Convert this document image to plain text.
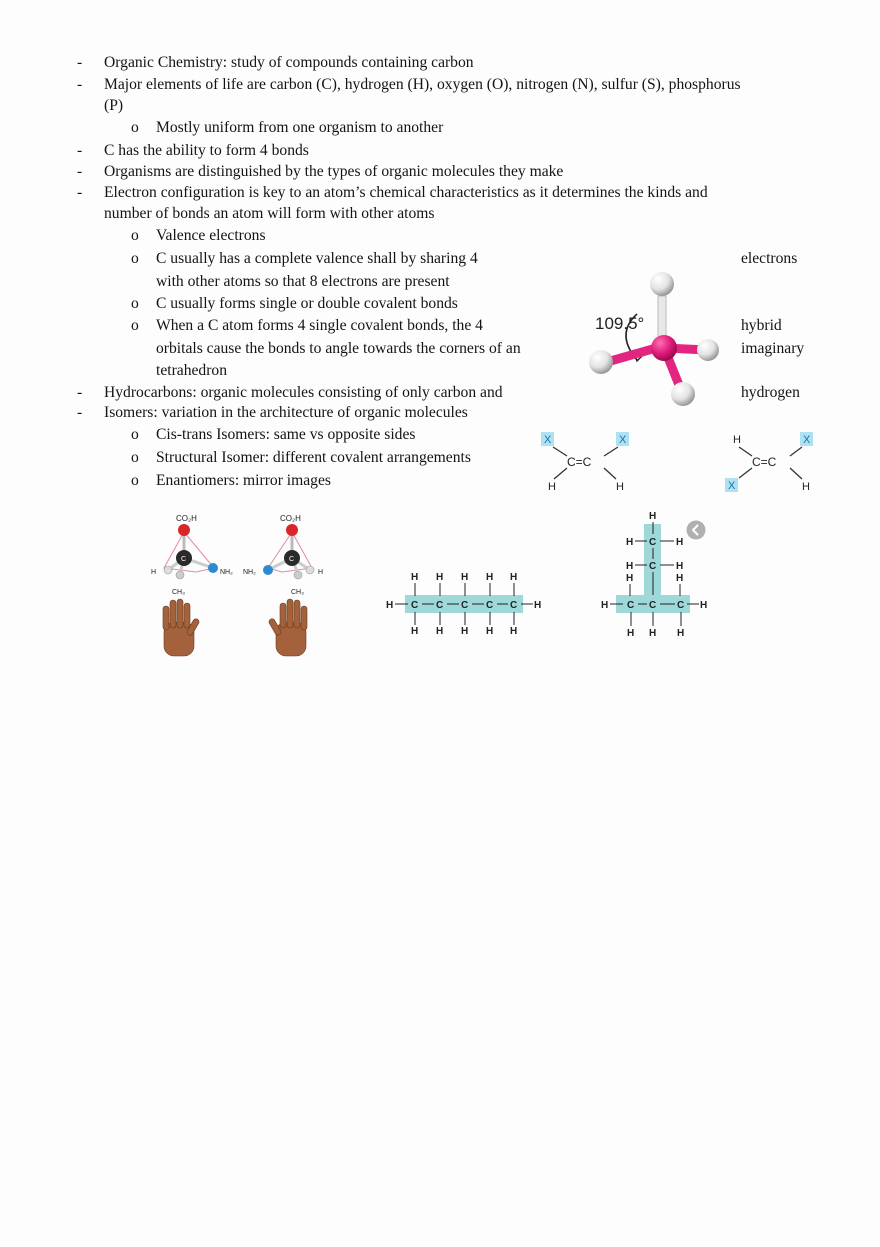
- Organic Chemistry: study of compounds containing carbon
- Major elements of life are carbon (C), hydrogen (H), oxygen (O), nitrogen (N), sulfur (S), phosphorus
(P)
o Mostly uniform from one organism to another
- C has the ability to form 4 bonds
- Organisms are distinguished by the types of organic molecules they make
- Electron configuration is key to an atom’s chemical characteristics as it determines the kinds and
number of bonds an atom will form with other atoms
o Valence electrons
o C usually has a complete valence shall by sharing 4	electrons
with other atoms so that 8 electrons are present
o C usually forms single or double covalent bonds
o When a C atom forms 4 single covalent bonds, the 4	hybrid
orbitals cause the bonds to angle towards the corners of an	imaginary
tetrahedron
- Hydrocarbons: organic molecules consisting of only carbon and	hydrogen
- Isomers: variation in the architecture of organic molecules
o Cis-trans Isomers: same vs opposite sides
o Structural Isomer: different covalent arrangements
o Enantiomers: mirror images
109.5°
X	X
C=C
H	H
H	X
C=C
X	H
CO₂H
C
H	NH₂
CH₃
CO₂H
C
NH₂	H
CH₃
H C
H
H
C
H
H
C
H
H
C
H
H
C
H
H
H
H
C
H	H
C
H	H
H	H
H C
H
C
H
C
H
H
